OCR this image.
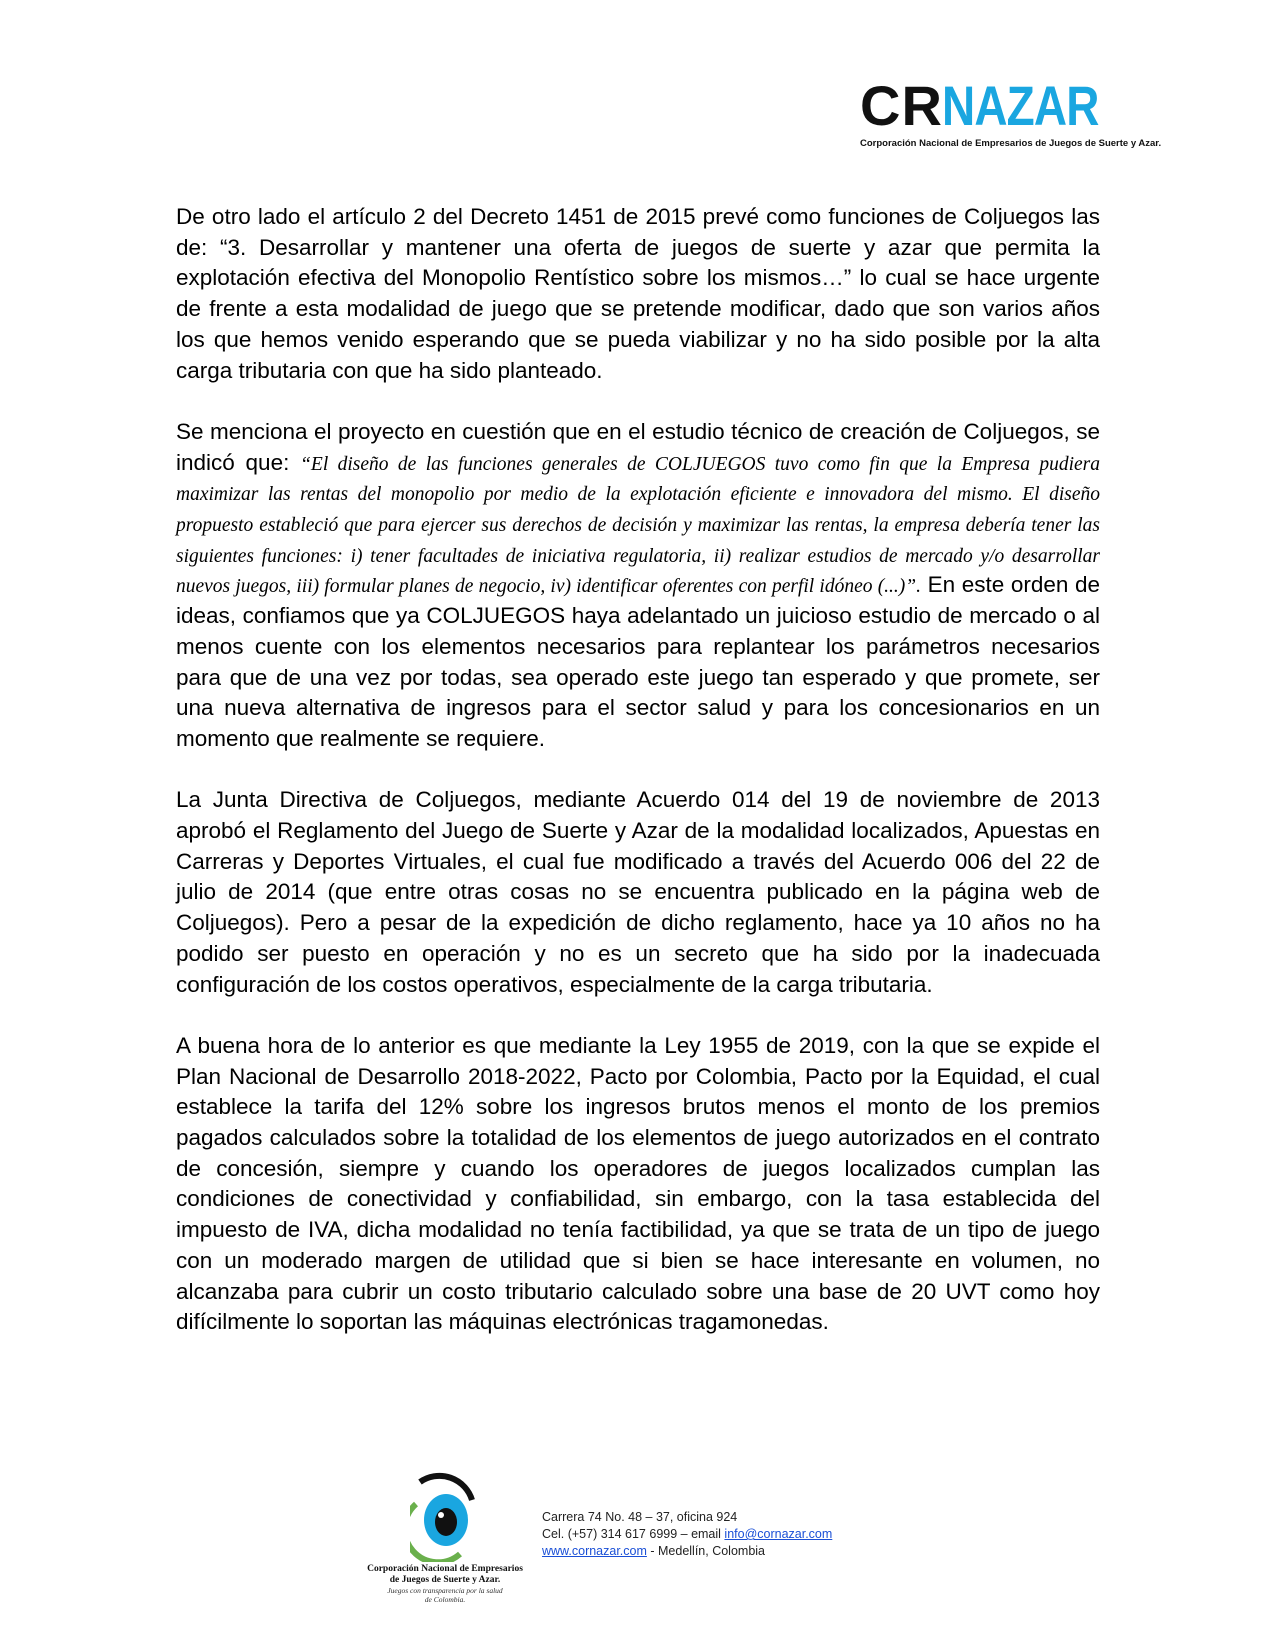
C R NAZAR
Corporación Nacional de Empresarios de Juegos de Suerte y Azar.

De otro lado el artículo 2 del Decreto 1451 de 2015 prevé como funciones de Coljuegos las de: “3. Desarrollar y mantener una oferta de juegos de suerte y azar que permita la explotación efectiva del Monopolio Rentístico sobre los mismos…” lo cual se hace urgente de frente a esta modalidad de juego que se pretende modificar, dado que son varios años los que hemos venido esperando que se pueda viabilizar y no ha sido posible por la alta carga tributaria con que ha sido planteado.

Se menciona el proyecto en cuestión que en el estudio técnico de creación de Coljuegos, se indicó que: “El diseño de las funciones generales de COLJUEGOS tuvo como fin que la Empresa pudiera maximizar las rentas del monopolio por medio de la explotación eficiente e innovadora del mismo. El diseño propuesto estableció que para ejercer sus derechos de decisión y maximizar las rentas, la empresa debería tener las siguientes funciones: i) tener facultades de iniciativa regulatoria, ii) realizar estudios de mercado y/o desarrollar nuevos juegos, iii) formular planes de negocio, iv) identificar oferentes con perfil idóneo (...)”. En este orden de ideas, confiamos que ya COLJUEGOS haya adelantado un juicioso estudio de mercado o al menos cuente con los elementos necesarios para replantear los parámetros necesarios para que de una vez por todas, sea operado este juego tan esperado y que promete, ser una nueva alternativa de ingresos para el sector salud y para los concesionarios en un momento que realmente se requiere.

La Junta Directiva de Coljuegos, mediante Acuerdo 014 del 19 de noviembre de 2013 aprobó el Reglamento del Juego de Suerte y Azar de la modalidad localizados, Apuestas en Carreras y Deportes Virtuales, el cual fue modificado a través del Acuerdo 006 del 22 de julio de 2014 (que entre otras cosas no se encuentra publicado en la página web de Coljuegos). Pero a pesar de la expedición de dicho reglamento, hace ya 10 años no ha podido ser puesto en operación y no es un secreto que ha sido por la inadecuada configuración de los costos operativos, especialmente de la carga tributaria.

A buena hora de lo anterior es que mediante la Ley 1955 de 2019, con la que se expide el Plan Nacional de Desarrollo 2018-2022, Pacto por Colombia, Pacto por la Equidad, el cual establece la tarifa del 12% sobre los ingresos brutos menos el monto de los premios pagados calculados sobre la totalidad de los elementos de juego autorizados en el contrato de concesión, siempre y cuando los operadores de juegos localizados cumplan las condiciones de conectividad y confiabilidad, sin embargo, con la tasa establecida del impuesto de IVA, dicha modalidad no tenía factibilidad, ya que se trata de un tipo de juego con un moderado margen de utilidad que si bien se hace interesante en volumen, no alcanzaba para cubrir un costo tributario calculado sobre una base de 20 UVT como hoy difícilmente lo soportan las máquinas electrónicas tragamonedas.

Corporación Nacional de Empresarios
de Juegos de Suerte y Azar.
Juegos con transparencia por la salud
de Colombia.
Carrera 74 No. 48 – 37, oficina 924
Cel. (+57) 314 617 6999 – email info@cornazar.com
www.cornazar.com - Medellín, Colombia
